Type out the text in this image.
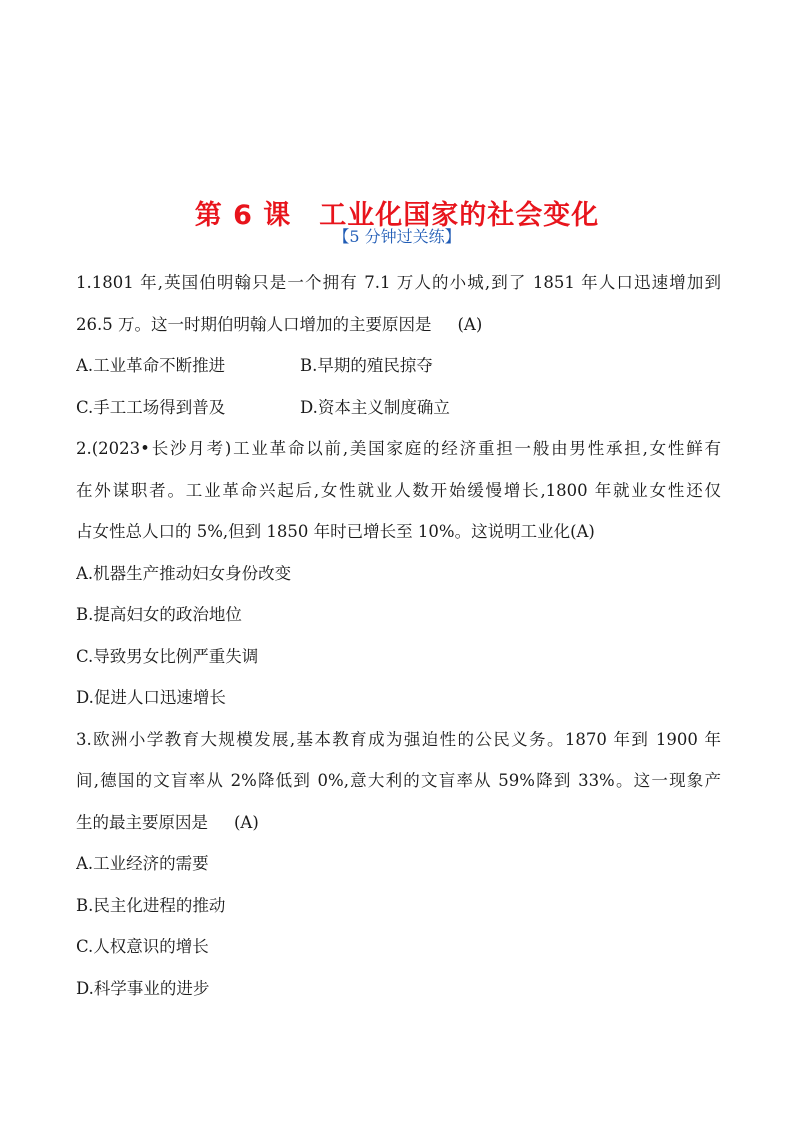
第 6 课　工业化国家的社会变化
【5 分钟过关练】
1.1801 年,英国伯明翰只是一个拥有 7.1 万人的小城,到了 1851 年人口迅速增加到
26.5 万。这一时期伯明翰人口增加的主要原因是 (A)
A.工业革命不断推进	B.早期的殖民掠夺
C.手工工场得到普及	D.资本主义制度确立
2.(2023•长沙月考)工业革命以前,美国家庭的经济重担一般由男性承担,女性鲜有
在外谋职者。工业革命兴起后,女性就业人数开始缓慢增长,1800 年就业女性还仅
占女性总人口的 5%,但到 1850 年时已增长至 10%。这说明工业化(A)
A.机器生产推动妇女身份改变
B.提高妇女的政治地位
C.导致男女比例严重失调
D.促进人口迅速增长
3.欧洲小学教育大规模发展,基本教育成为强迫性的公民义务。1870 年到 1900 年
间,德国的文盲率从 2%降低到 0%,意大利的文盲率从 59%降到 33%。这一现象产
生的最主要原因是 (A)
A.工业经济的需要
B.民主化进程的推动
C.人权意识的增长
D.科学事业的进步
